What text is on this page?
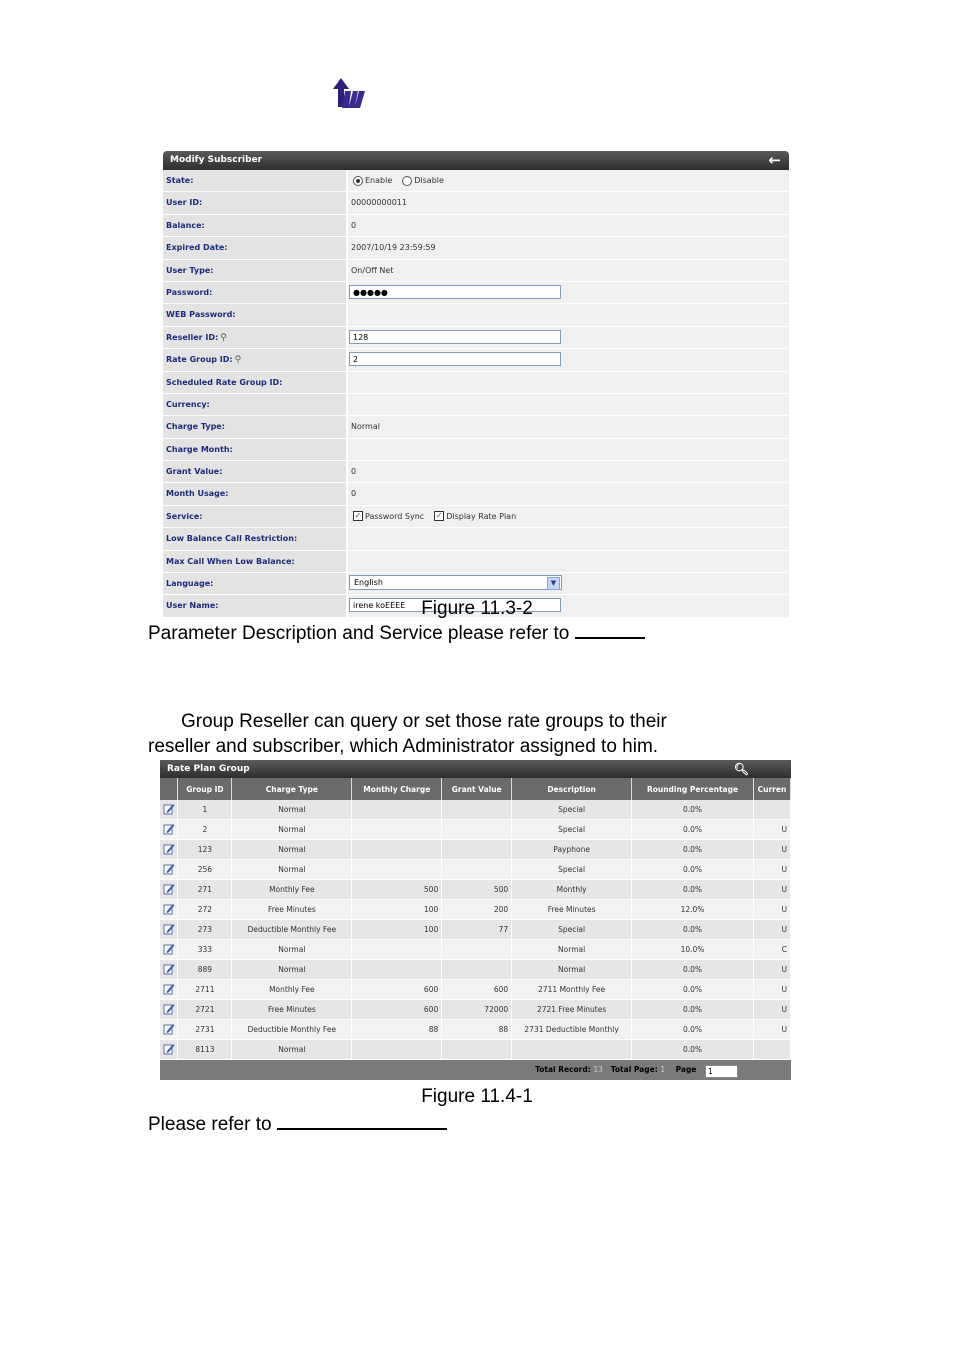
Modify Subscriber	←
State:	Enable	Disable
User ID:	00000000011
Balance:	0
Expired Date:	2007/10/19 23:59:59
User Type:	On/Off Net
Password:	●●●●●
WEB Password:
Reseller ID: ⚲	128
Rate Group ID: ⚲	2
Scheduled Rate Group ID:
Currency:
Charge Type:	Normal
Charge Month:
Grant Value:	0
Month Usage:	0
Service:	✓ Password Sync ✓ Display Rate Plan
Low Balance Call Restriction:
Max Call When Low Balance:
Language:	English	▼
User Name:	irene koEEEE Figure 11.3-2
Parameter Description and Service please refer to
Group Reseller can query or set those rate groups to their
reseller and subscriber, which Administrator assigned to him.
Rate Plan Group	🔍︎
	Group ID	Charge Type	Monthly Charge	Grant Value	Description	Rounding Percentage	Curren
	1	Normal			Special	0.0%	
	2	Normal			Special	0.0%	U
	123	Normal			Payphone	0.0%	U
	256	Normal			Special	0.0%	U
	271	Monthly Fee	500	500	Monthly	0.0%	U
	272	Free Minutes	100	200	Free Minutes	12.0%	U
	273	Deductible Monthly Fee	100	77	Special	0.0%	U
	333	Normal			Normal	10.0%	C
	889	Normal			Normal	0.0%	U
	2711	Monthly Fee	600	600	2711 Monthly Fee	0.0%	U
	2721	Free Minutes	600	72000	2721 Free Minutes	0.0%	U
	2731	Deductible Monthly Fee	88	88	2731 Deductible Monthly	0.0%	U
	8113	Normal				0.0%	
Total Record: 13 Total Page: 1 Page	1
Figure 11.4-1
Please refer to
